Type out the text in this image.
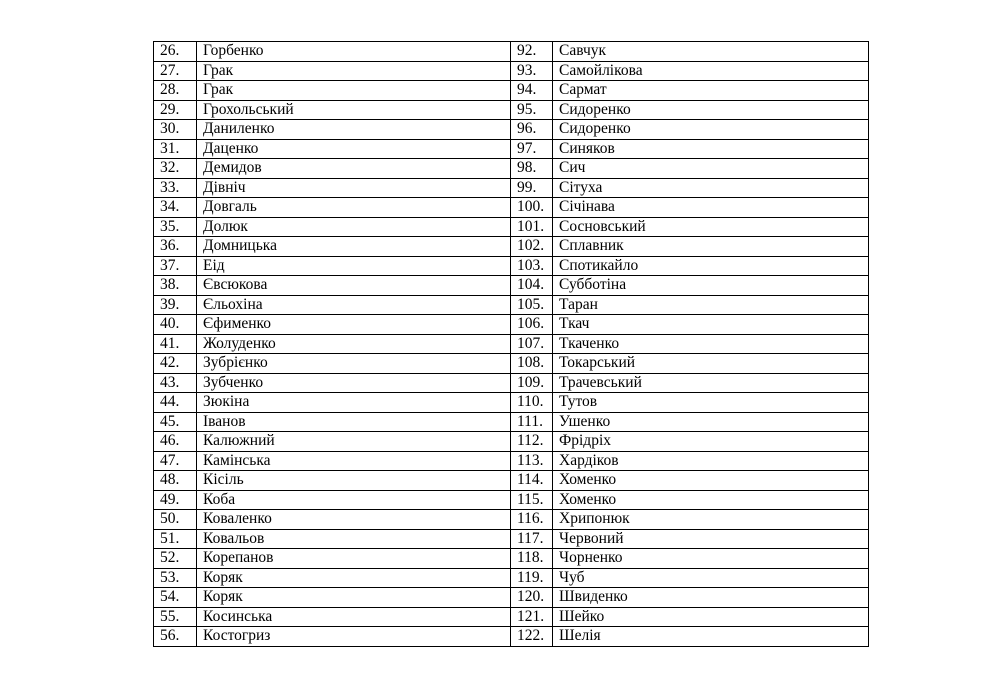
26.	Горбенко	92.	Савчук
27.	Грак	93.	Самойлікова
28.	Грак	94.	Сармат
29.	Грохольський	95.	Сидоренко
30.	Даниленко	96.	Сидоренко
31.	Даценко	97.	Синяков
32.	Демидов	98.	Сич
33.	Дівніч	99.	Сітуха
34.	Довгаль	100.	Січінава
35.	Долюк	101.	Сосновський
36.	Домницька	102.	Сплавник
37.	Еід	103.	Спотикайло
38.	Євсюкова	104.	Субботіна
39.	Єльохіна	105.	Таран
40.	Єфименко	106.	Ткач
41.	Жолуденко	107.	Ткаченко
42.	Зубрієнко	108.	Токарський
43.	Зубченко	109.	Трачевський
44.	Зюкіна	110.	Тутов
45.	Іванов	111.	Ушенко
46.	Калюжний	112.	Фрідріх
47.	Камінська	113.	Хардіков
48.	Кісіль	114.	Хоменко
49.	Коба	115.	Хоменко
50.	Коваленко	116.	Хрипонюк
51.	Ковальов	117.	Червоний
52.	Корепанов	118.	Чорненко
53.	Коряк	119.	Чуб
54.	Коряк	120.	Швиденко
55.	Косинська	121.	Шейко
56.	Костогриз	122.	Шелія
